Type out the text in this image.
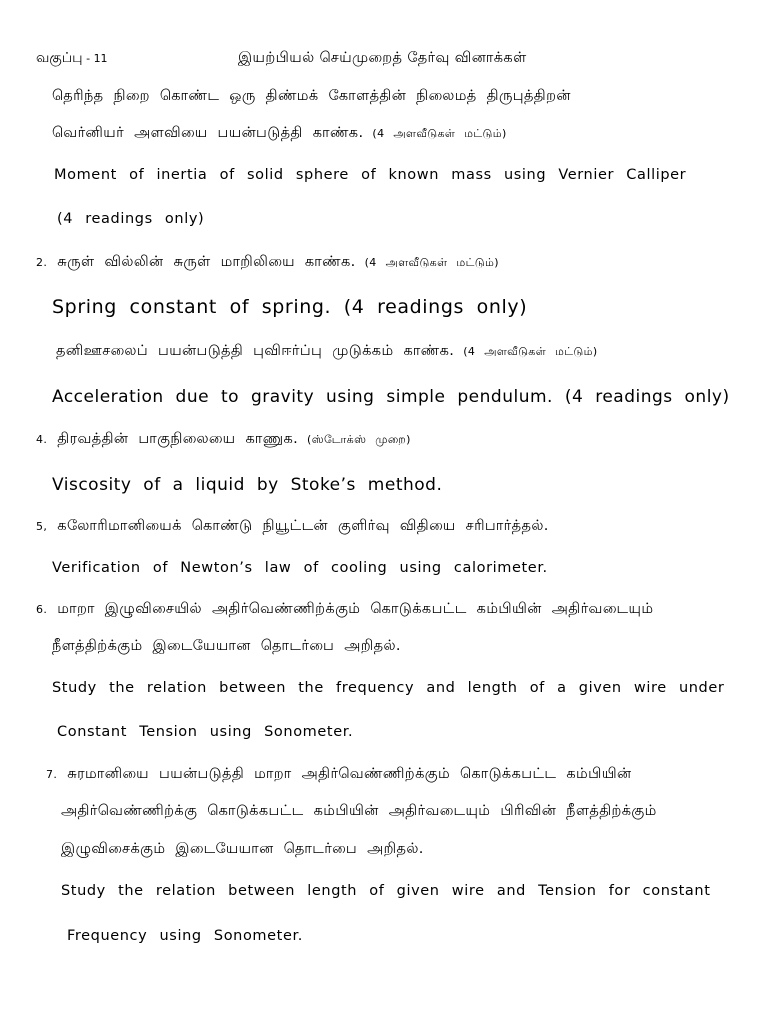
வகுப்பு - 11	இயற்பியல் செய்முறைத் தேர்வு வினாக்கள்
தெரிந்த நிறை கொண்ட ஒரு திண்மக் கோளத்தின் நிலைமத் திருபுத்திறன்
வெர்னியர் அளவியை பயன்படுத்தி காண்க. (4 அளவீடுகள் மட்டும்)
Moment of inertia of solid sphere of known mass using Vernier Calliper
(4 readings only)
2. சுருள் வில்லின் சுருள் மாறிலியை காண்க. (4 அளவீடுகள் மட்டும்)
Spring constant of spring. (4 readings only)
தனிஊசலைப் பயன்படுத்தி புவிஈர்ப்பு முடுக்கம் காண்க. (4 அளவீடுகள் மட்டும்)
Acceleration due to gravity using simple pendulum. (4 readings only)
4. திரவத்தின் பாகுநிலையை காணுக. (ஸ்டோக்ஸ் முறை)
Viscosity of a liquid by Stoke’s method.
5, கலோரிமானியைக் கொண்டு நியூட்டன் குளிர்வு விதியை சரிபார்த்தல்.
Verification of Newton’s law of cooling using calorimeter.
6. மாறா இழுவிசையில் அதிர்வெண்ணிற்க்கும் கொடுக்கபட்ட கம்பியின் அதிர்வடையும்
நீளத்திற்க்கும் இடையேயான தொடர்பை அறிதல்.
Study the relation between the frequency and length of a given wire under
Constant Tension using Sonometer.
7. சுரமானியை பயன்படுத்தி மாறா அதிர்வெண்ணிற்க்கும் கொடுக்கபட்ட கம்பியின்
அதிர்வெண்ணிற்க்கு கொடுக்கபட்ட கம்பியின் அதிர்வடையும் பிரிவின் நீளத்திற்க்கும்
இழுவிசைக்கும் இடையேயான தொடர்பை அறிதல்.
Study the relation between length of given wire and Tension for constant
Frequency using Sonometer.
